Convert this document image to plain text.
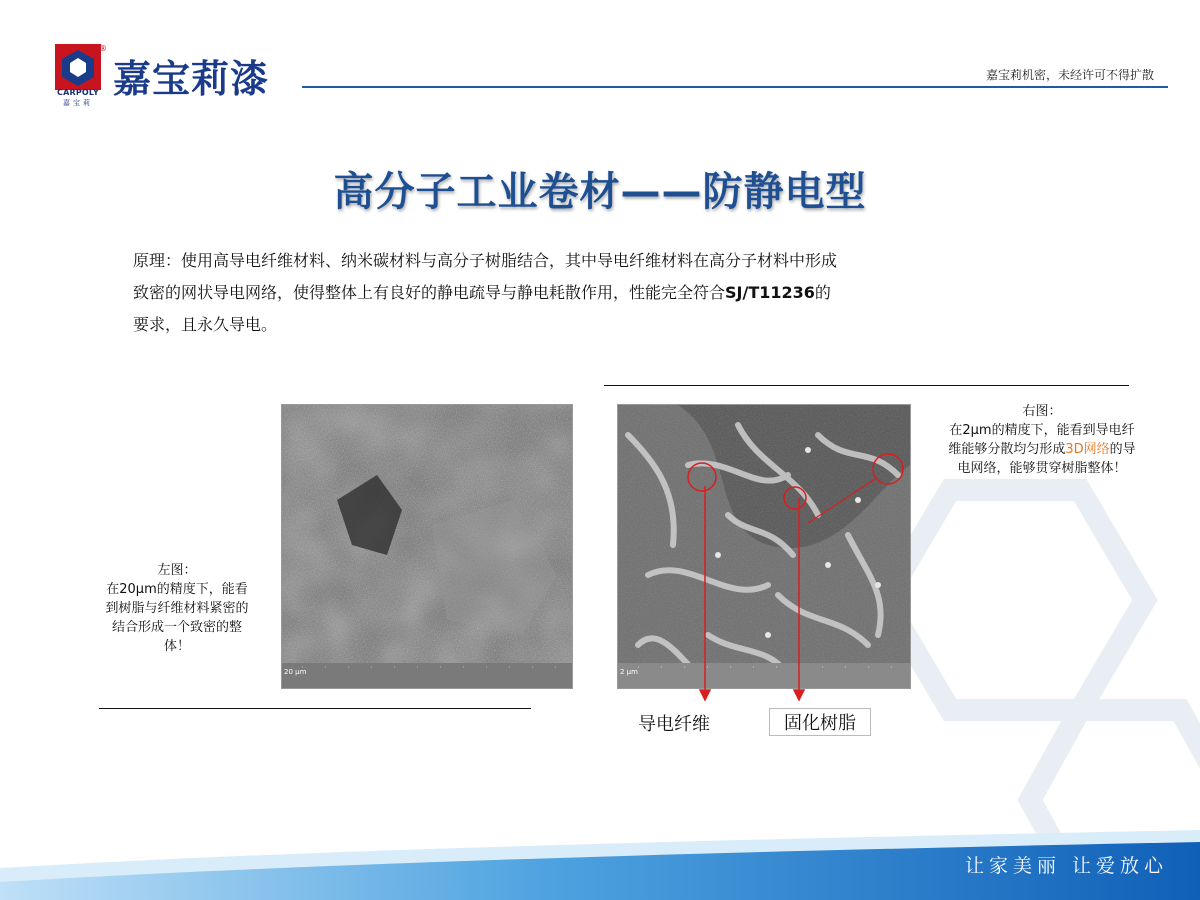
®
CARPOLY
嘉宝莉
嘉宝莉漆	嘉宝莉机密，未经许可不得扩散
高分子工业卷材——防静电型
原理：使用高导电纤维材料、纳米碳材料与高分子树脂结合，其中导电纤维材料在高分子材料中形成致密的网状导电网络，使得整体上有良好的静电疏导与静电耗散作用，性能完全符合SJ/T11236的要求，且永久导电。
20 μm
左图：
在20μm的精度下，能看到树脂与纤维材料紧密的结合形成一个致密的整体！
2 μm
导电纤维	固化树脂
右图：
在2μm的精度下，能看到导电纤维能够分散均匀形成3D网络的导电网络，能够贯穿树脂整体！
让家美丽 让爱放心
